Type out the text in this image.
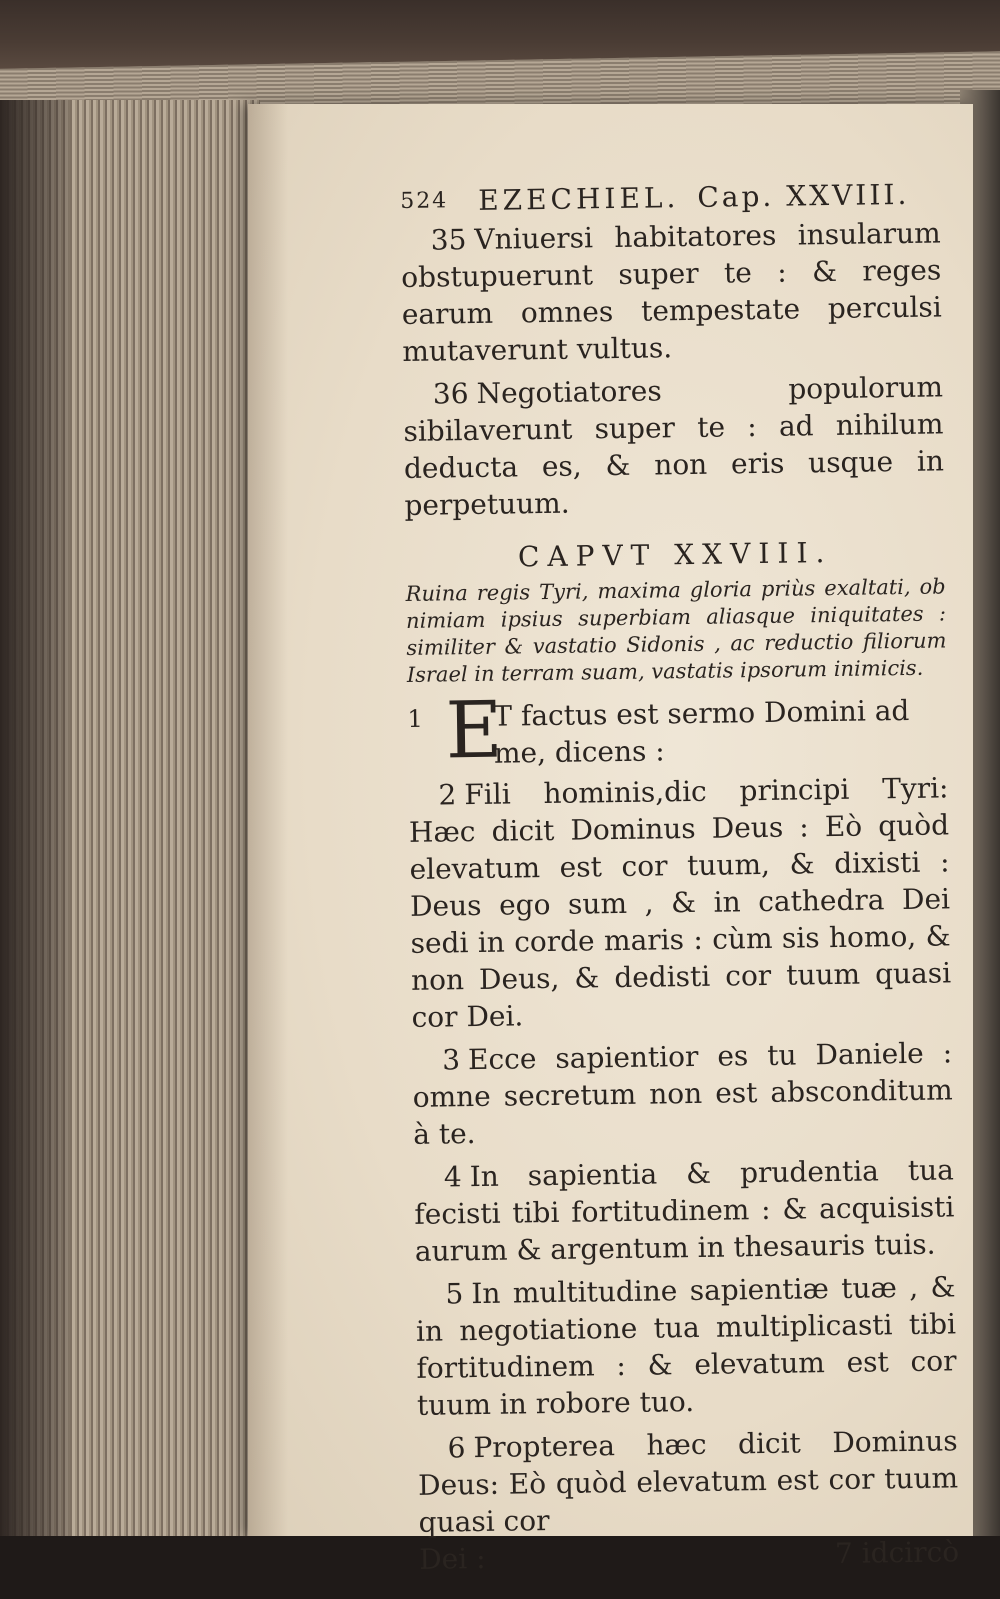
524 EZECHIEL. Cap. XXVIII.

35 Vniuersi habitatores insularum obstupuerunt super te : & reges earum omnes tempestate perculsi mutaverunt vultus.

36 Negotiatores populorum sibilaverunt super te : ad nihilum deducta es, & non eris usque in perpetuum.

CAPVT XXVIII.

Ruina regis Tyri, maxima gloria priùs exaltati, ob nimiam ipsius superbiam aliasque iniquitates : similiter & vastatio Sidonis , ac reductio filiorum Israel in terram suam, vastatis ipsorum inimicis.

1 E
T factus est sermo Domini ad me, dicens :

2 Fili hominis,dic principi Tyri: Hæc dicit Dominus Deus : Eò quòd elevatum est cor tuum, & dixisti : Deus ego sum , & in cathedra Dei sedi in corde maris : cùm sis homo, & non Deus, & dedisti cor tuum quasi cor Dei.

3 Ecce sapientior es tu Daniele : omne secretum non est absconditum à te.

4 In sapientia & prudentia tua fecisti tibi fortitudinem : & acquisisti aurum & argentum in thesauris tuis.

5 In multitudine sapientiæ tuæ , & in negotiatione tua multiplicasti tibi fortitudinem : & elevatum est cor tuum in robore tuo.

6 Propterea hæc dicit Dominus Deus: Eò quòd elevatum est cor tuum quasi cor

Dei :	7 idcircò
